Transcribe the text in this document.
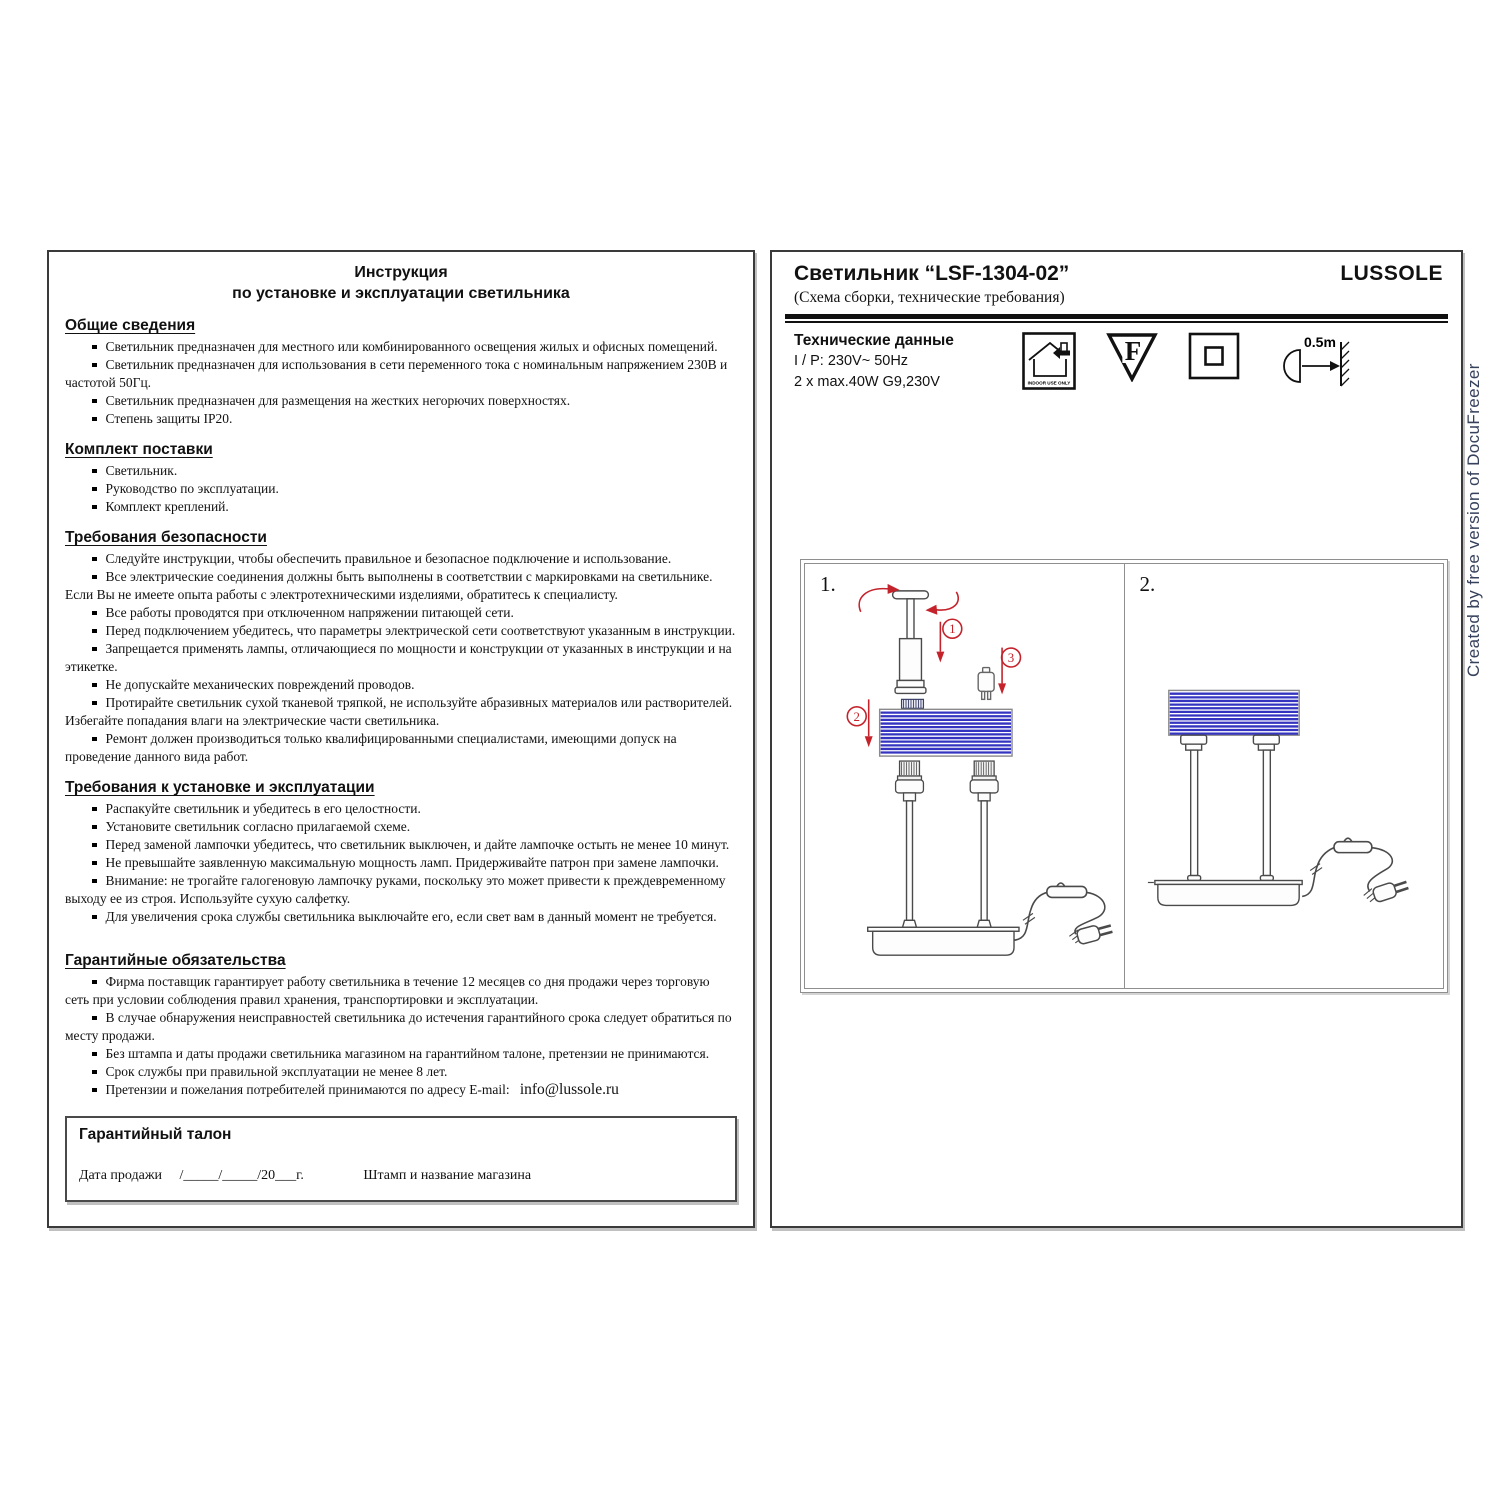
Created by free version of DocuFreezer
Инструкция
по установке и эксплуатации светильника
Общие сведения
Светильник предназначен для местного или комбинированного освещения жилых и офисных помещений.
Светильник предназначен для использования в сети переменного тока с номинальным напряжением 230В и частотой 50Гц.
Светильник предназначен для размещения на жестких негорючих поверхностях.
Степень защиты IP20.
Комплект поставки
Светильник.
Руководство по эксплуатации.
Комплект креплений.
Требования безопасности
Следуйте инструкции, чтобы обеспечить правильное и безопасное подключение и использование.
Все электрические соединения должны быть выполнены в соответствии с маркировками на светильнике. Если Вы не имеете опыта работы с электротехническими изделиями, обратитесь к специалисту.
Все работы проводятся при отключенном напряжении питающей сети.
Перед подключением убедитесь, что параметры электрической сети соответствуют указанным в инструкции.
Запрещается применять лампы, отличающиеся по мощности и конструкции от указанных в инструкции и на этикетке.
Не допускайте механических повреждений проводов.
Протирайте светильник сухой тканевой тряпкой, не используйте абразивных материалов или растворителей. Избегайте попадания влаги на электрические части светильника.
Ремонт должен производиться только квалифицированными специалистами, имеющими допуск на проведение данного вида работ.
Требования к установке и эксплуатации
Распакуйте светильник и убедитесь в его целостности.
Установите светильник согласно прилагаемой схеме.
Перед заменой лампочки убедитесь, что светильник выключен, и дайте лампочке остыть не менее 10 минут.
Не превышайте заявленную максимальную мощность ламп. Придерживайте патрон при замене лампочки.
Внимание: не трогайте галогеновую лампочку руками, поскольку это может привести к преждевременному выходу ее из строя. Используйте сухую салфетку.
Для увеличения срока службы светильника выключайте его, если свет вам в данный момент не требуется.
Гарантийные обязательства
Фирма поставщик гарантирует работу светильника в течение 12 месяцев со дня продажи через торговую сеть при условии соблюдения правил хранения, транспортировки и эксплуатации.
В случае обнаружения неисправностей светильника до истечения гарантийного срока следует обратиться по месту продажи.
Без штампа и даты продажи светильника магазином на гарантийном талоне, претензии не принимаются.
Срок службы при правильной эксплуатации не менее 8 лет.
Претензии и пожелания потребителей принимаются по адресу E-mail: info@lussole.ru
Гарантийный талон
Дата продажи /_____/_____/20___г.	Штамп и название магазина
Светильник “LSF-1304-02”	LUSSOLE
(Схема сборки, технические требования)
Технические данные
I / P: 230V~ 50Hz
2 x max.40W G9,230V	INDOOR USE ONLY
F	0.5m
1.
1
2
3
2.
